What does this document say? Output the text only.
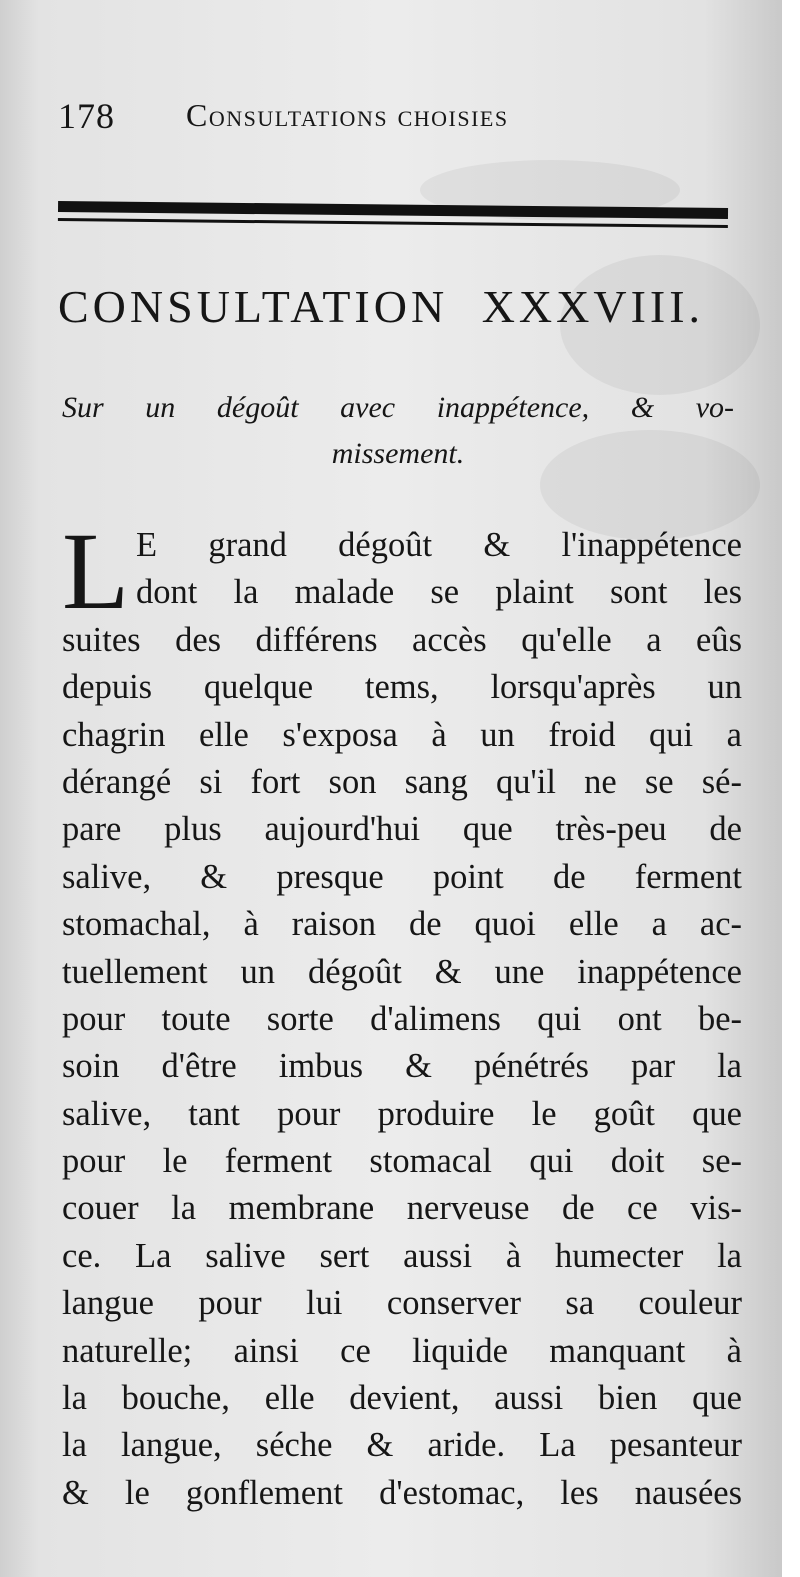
178 Consultations choisies
CONSULTATION XXXVIII.
Sur un dégoût avec inappétence, & vo-
missement.
L E grand dégoût & l'inappétence
dont la malade se plaint sont les
suites des différens accès qu'elle a eûs
depuis quelque tems, lorsqu'après un
chagrin elle s'exposa à un froid qui a
dérangé si fort son sang qu'il ne se sé-
pare plus aujourd'hui que très-peu de
salive, & presque point de ferment
stomachal, à raison de quoi elle a ac-
tuellement un dégoût & une inappétence
pour toute sorte d'alimens qui ont be-
soin d'être imbus & pénétrés par la
salive, tant pour produire le goût que
pour le ferment stomacal qui doit se-
couer la membrane nerveuse de ce vis-
ce. La salive sert aussi à humecter la
langue pour lui conserver sa couleur
naturelle; ainsi ce liquide manquant à
la bouche, elle devient, aussi bien que
la langue, séche & aride. La pesanteur
& le gonflement d'estomac, les nausées
